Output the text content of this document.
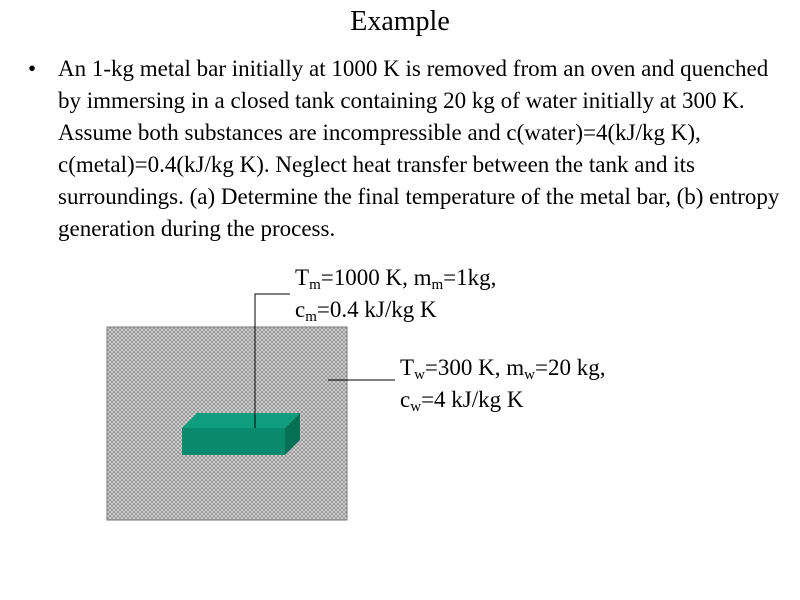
Example
• An 1-kg metal bar initially at 1000 K is removed from an oven and quenched by immersing in a closed tank containing 20 kg of water initially at 300 K. Assume both substances are incompressible and c(water)=4(kJ/kg K), c(metal)=0.4(kJ/kg K). Neglect heat transfer between the tank and its surroundings. (a) Determine the final temperature of the metal bar, (b) entropy generation during the process.

$T_m=1000$ K, $m_m=1kg$,
$c_m=0.4$ kJ/kg K
$T_w=300$ K, $m_w=20$ kg,
$c_w=4$ kJ/kg K
